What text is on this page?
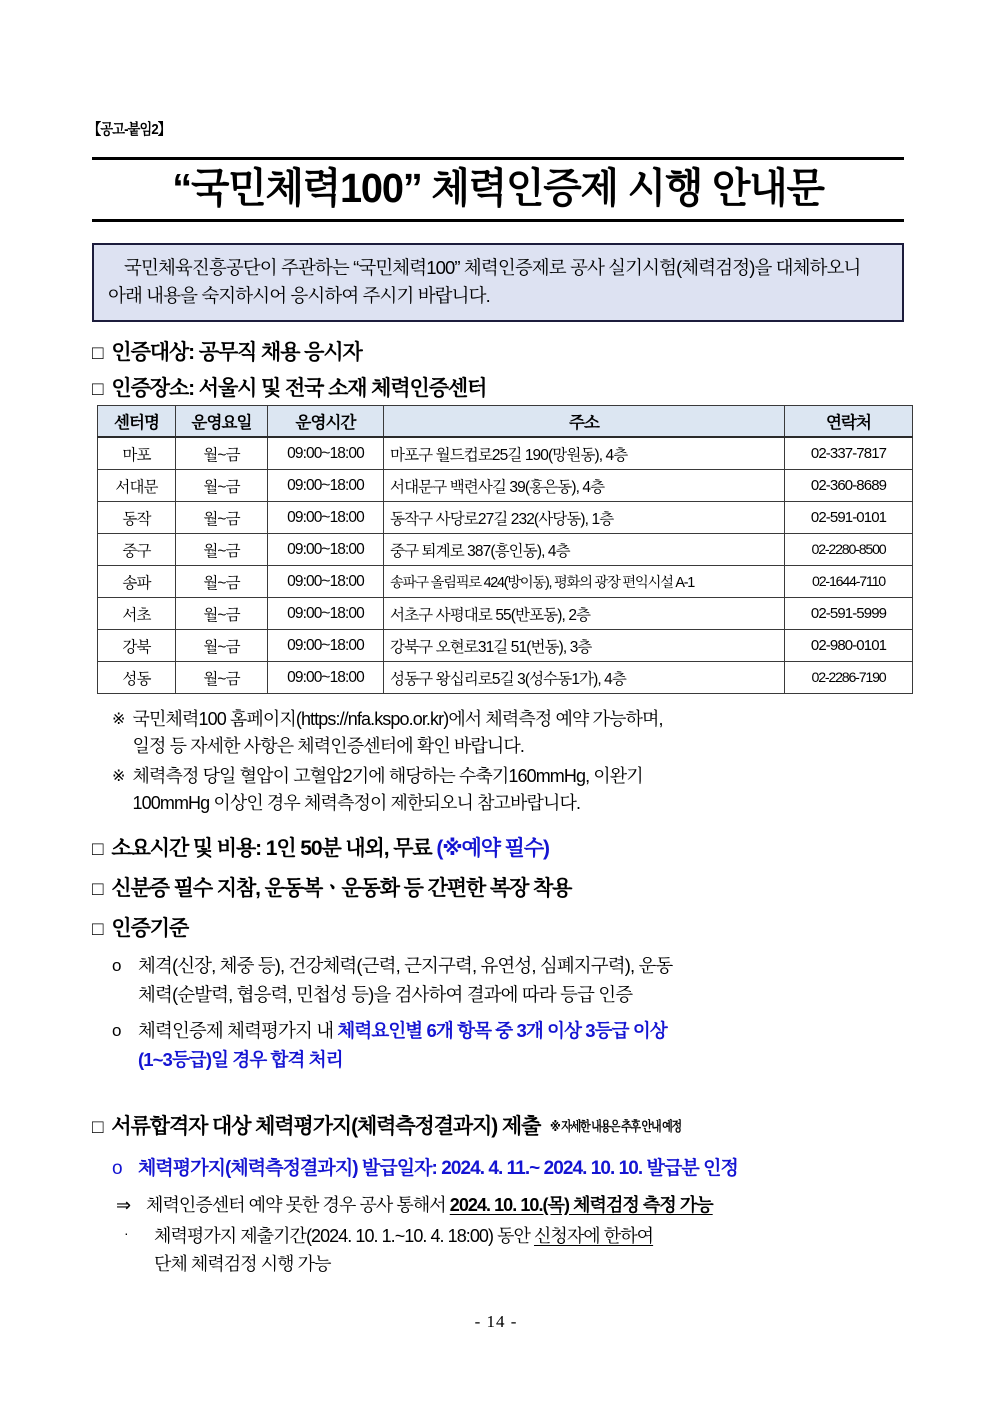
【공고-붙임2】
“국민체력100” 체력인증제 시행 안내문
국민체육진흥공단이 주관하는 “국민체력100” 체력인증제로 공사 실기시험(체력검정)을 대체하오니 아래 내용을 숙지하시어 응시하여 주시기 바랍니다.
□ 인증대상: 공무직 채용 응시자
□ 인증장소: 서울시 및 전국 소재 체력인증센터
센터명	운영요일	운영시간	주소	연락처
마포	월~금	09:00~18:00	마포구 월드컵로25길 190(망원동), 4층	02-337-7817
서대문	월~금	09:00~18:00	서대문구 백련사길 39(홍은동), 4층	02-360-8689
동작	월~금	09:00~18:00	동작구 사당로27길 232(사당동), 1층	02-591-0101
중구	월~금	09:00~18:00	중구 퇴계로 387(흥인동), 4층	02-2280-8500
송파	월~금	09:00~18:00	송파구 올림픽로 424(방이동), 평화의 광장 편익시설 A-1	02-1644-7110
서초	월~금	09:00~18:00	서초구 사평대로 55(반포동), 2층	02-591-5999
강북	월~금	09:00~18:00	강북구 오현로31길 51(번동), 3층	02-980-0101
성동	월~금	09:00~18:00	성동구 왕십리로5길 3(성수동1가), 4층	02-2286-7190
※ 국민체력100 홈페이지(https://nfa.kspo.or.kr)에서 체력측정 예약 가능하며,
일정 등 자세한 사항은 체력인증센터에 확인 바랍니다.
※ 체력측정 당일 혈압이 고혈압2기에 해당하는 수축기160mmHg, 이완기
100mmHg 이상인 경우 체력측정이 제한되오니 참고바랍니다.
□ 소요시간 및 비용: 1인 50분 내외, 무료 (※예약 필수)
□ 신분증 필수 지참, 운동복ㆍ운동화 등 간편한 복장 착용
□ 인증기준
o 체격(신장, 체중 등), 건강체력(근력, 근지구력, 유연성, 심폐지구력), 운동
체력(순발력, 협응력, 민첩성 등)을 검사하여 결과에 따라 등급 인증
o 체력인증제 체력평가지 내 체력요인별 6개 항목 중 3개 이상 3등급 이상
(1~3등급)일 경우 합격 처리
□ 서류합격자 대상 체력평가지(체력측정결과지) 제출 ※ 자세한 내용은 추후 안내 예정
o 체력평가지(체력측정결과지) 발급일자: 2024. 4. 11.~ 2024. 10. 10. 발급분 인정
⇒ 체력인증센터 예약 못한 경우 공사 통해서 2024. 10. 10.(목) 체력검정 측정 가능
·	체력평가지 제출기간(2024. 10. 1.~10. 4. 18:00) 동안 신청자에 한하여
단체 체력검정 시행 가능
- 14 -
